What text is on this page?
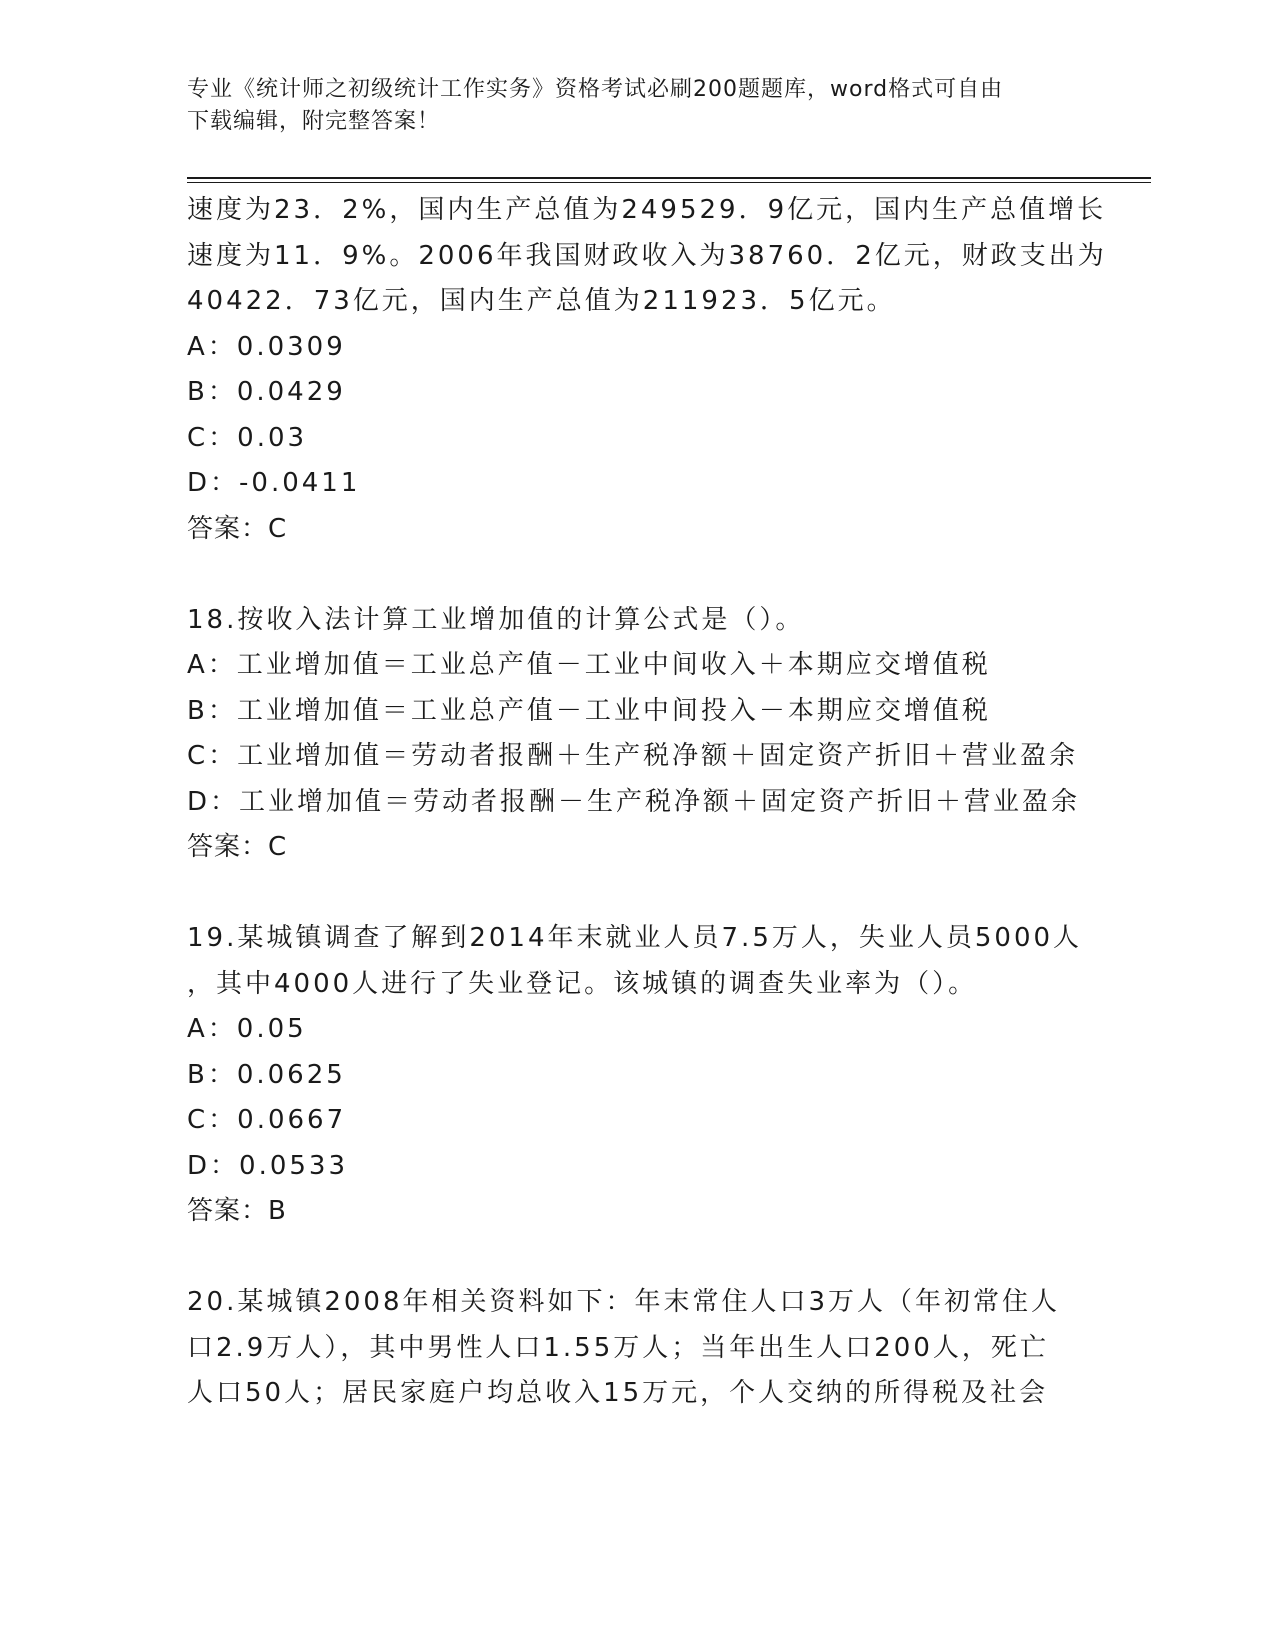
专业《统计师之初级统计工作实务》资格考试必刷200题题库，word格式可自由
下载编辑，附完整答案！
速度为23．2%，国内生产总值为249529．9亿元，国内生产总值增长
速度为11．9%。2006年我国财政收入为38760．2亿元，财政支出为
40422．73亿元，国内生产总值为211923．5亿元。
A：0.0309
B：0.0429
C：0.03
D：-0.0411
答案：C
18.按收入法计算工业增加值的计算公式是（）。
A：工业增加值＝工业总产值－工业中间收入＋本期应交增值税
B：工业增加值＝工业总产值－工业中间投入－本期应交增值税
C：工业增加值＝劳动者报酬＋生产税净额＋固定资产折旧＋营业盈余
D：工业增加值＝劳动者报酬－生产税净额＋固定资产折旧＋营业盈余
答案：C
19.某城镇调查了解到2014年末就业人员7.5万人，失业人员5000人
，其中4000人进行了失业登记。该城镇的调查失业率为（）。
A：0.05
B：0.0625
C：0.0667
D：0.0533
答案：B
20.某城镇2008年相关资料如下：年末常住人口3万人（年初常住人
口2.9万人），其中男性人口1.55万人；当年出生人口200人，死亡
人口50人；居民家庭户均总收入15万元，个人交纳的所得税及社会
